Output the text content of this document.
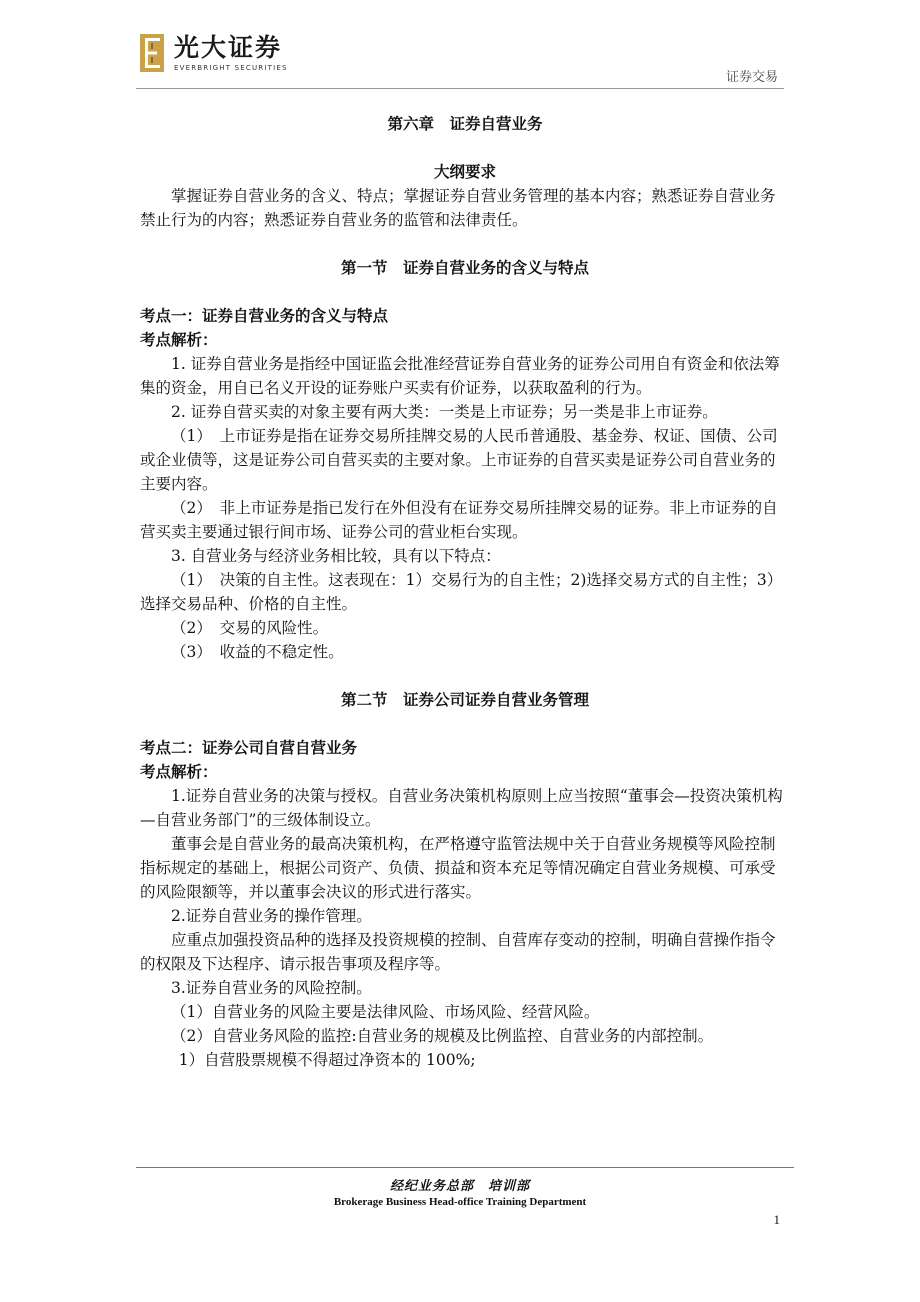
光大证券
EVERBRIGHT SECURITIES
证券交易

第六章　证券自营业务

大纲要求

掌握证券自营业务的含义、特点；掌握证券自营业务管理的基本内容；熟悉证券自营业务禁止行为的内容；熟悉证券自营业务的监管和法律责任。

第一节　证券自营业务的含义与特点

考点一：证券自营业务的含义与特点

考点解析：

1. 证券自营业务是指经中国证监会批准经营证券自营业务的证券公司用自有资金和依法筹集的资金，用自已名义开设的证券账户买卖有价证券，以获取盈利的行为。

2. 证券自营买卖的对象主要有两大类：一类是上市证券；另一类是非上市证券。

（1）　上市证券是指在证券交易所挂牌交易的人民币普通股、基金券、权证、国债、公司或企业债等，这是证券公司自营买卖的主要对象。上市证券的自营买卖是证券公司自营业务的主要内容。

（2）　非上市证券是指已发行在外但没有在证券交易所挂牌交易的证券。非上市证券的自营买卖主要通过银行间市场、证券公司的营业柜台实现。

3. 自营业务与经济业务相比较，具有以下特点：

（1）　决策的自主性。这表现在：1）交易行为的自主性；2)选择交易方式的自主性；3）选择交易品种、价格的自主性。

（2）　交易的风险性。

（3）　收益的不稳定性。

第二节　证券公司证券自营业务管理

考点二：证券公司自营自营业务

考点解析：

1.证券自营业务的决策与授权。自营业务决策机构原则上应当按照“董事会—投资决策机构—自营业务部门”的三级体制设立。

董事会是自营业务的最高决策机构，在严格遵守监管法规中关于自营业务规模等风险控制指标规定的基础上，根据公司资产、负债、损益和资本充足等情况确定自营业务规模、可承受的风险限额等，并以董事会决议的形式进行落实。

2.证券自营业务的操作管理。

应重点加强投资品种的选择及投资规模的控制、自营库存变动的控制，明确自营操作指令的权限及下达程序、请示报告事项及程序等。

3.证券自营业务的风险控制。

（1）自营业务的风险主要是法律风险、市场风险、经营风险。

（2）自营业务风险的监控:自营业务的规模及比例监控、自营业务的内部控制。

1）自营股票规模不得超过净资本的 100%;

经纪业务总部　培训部
Brokerage Business Head-office Training Department
1
